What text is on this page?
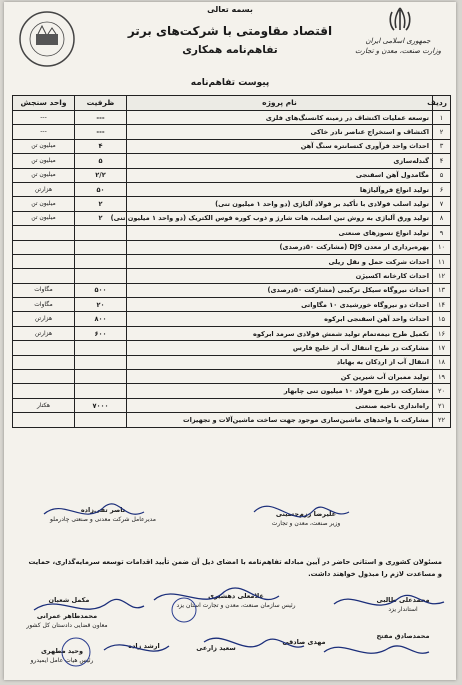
بسمه تعالی
جمهوری اسلامی ایران
وزارت صنعت، معدن و تجارت
اقتصاد مقاومتی با شرکت‌های برتر
تفاهم‌نامه همکاری
پیوست تفاهم‌نامه
ردیف	نام پروژه	ظرفیت	واحد سنجش
۱	توسعه عملیات اکتشاف در زمینه کانسنگ‌های فلزی	---	---
۲	اکتشاف و استخراج عناصر نادر خاکی	---	---
۳	احداث واحد فرآوری کنسانتره سنگ آهن	۴	میلیون تن
۴	گندله‌سازی	۵	میلیون تن
۵	مگامدول آهن اسفنجی	۲/۲	میلیون تن
۶	تولید انواع فروآلیاژها	۵۰	هزارتن
۷	تولید اسلب فولادی با تأکید بر فولاد آلیاژی (دو واحد ۱ میلیون تنی)	۲	میلیون تن
۸	تولید ورق آلیاژی به روش تین اسلب، هات شارژ و ذوب کوره قوس الکتریک (دو واحد ۱ میلیون تنی)	۲	میلیون تن
۹	تولید انواع نسوزهای صنعتی		
۱۰	بهره‌برداری از معدن DJ9 (مشارکت ۵۰درصدی)		
۱۱	احداث شرکت حمل و نقل ریلی		
۱۲	احداث کارخانه اکسیژن		
۱۳	احداث نیروگاه سیکل ترکیبی (مشارکت ۵۰درصدی)	۵۰۰	مگاوات
۱۴	احداث دو نیروگاه خورشیدی ۱۰ مگاواتی	۲۰	مگاوات
۱۵	احداث واحد آهن اسفنجی ابرکوه	۸۰۰	هزارتن
۱۶	تکمیل طرح نیمه‌تمام تولید شمش فولادی سرمد ابرکوه	۶۰۰	هزارتن
۱۷	مشارکت در طرح انتقال آب از خلیج فارس		
۱۸	انتقال آب از اردکان به بهاباد		
۱۹	تولید ممبران آب شیرین کن		
۲۰	مشارکت در طرح فولاد ۱۰ میلیون تنی چابهار		
۲۱	راه‌اندازی ناحیه صنعتی	۷۰۰۰	هکتار
۲۲	مشارکت با واحدهای ماشین‌سازی موجود جهت ساخت ماشین‌آلات و تجهیزات		
علیرضا رزم‌حسینی
وزیر صنعت، معدن و تجارت
ناصر تقی‌زاده
مدیرعامل شرکت معدنی و صنعتی چادرملو
مسئولان کشوری و استانی حاضر در آیین مبادله تفاهم‌نامه با امضای ذیل آن ضمن تأیید اقدامات توسعه سرمایه‌گذاری، حمایت و مساعدت لازم را مبذول خواهند داشت.
محمدعلی طالبی
استاندار یزد
غلامعلی دهشیری
رئیس سازمان صنعت، معدن و تجارت استان یزد
مکمل شعبان
محمدصادق مفتح
مهدی صادقی
سعید زارعی
ارشد زاده
محمدطاهر عمرانی
معاون قضایی دادستان کل کشور
وحید مطهری
رئیس هیات عامل ایمیدرو
